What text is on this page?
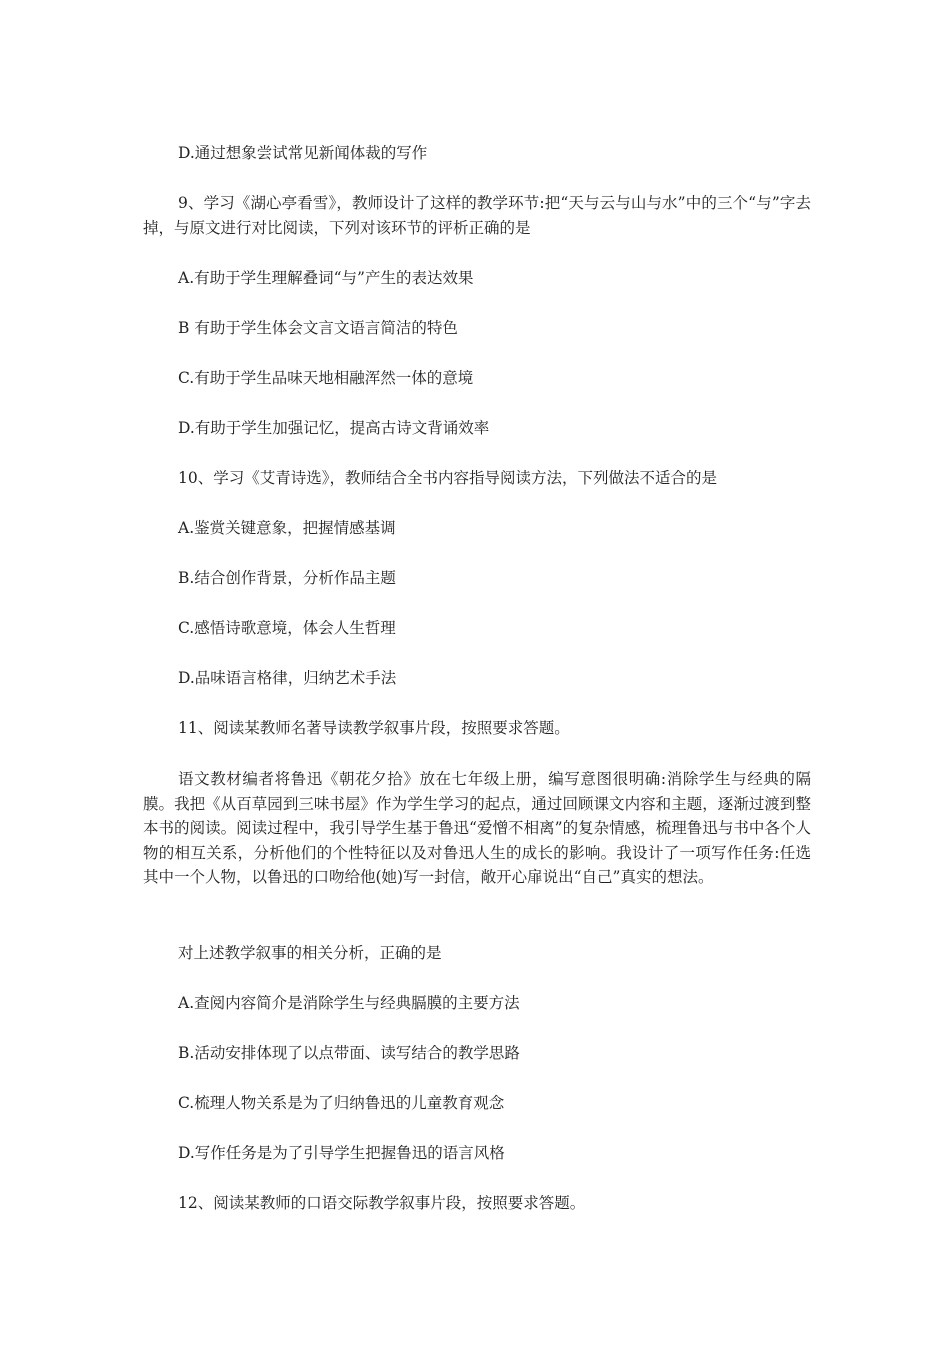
D.通过想象尝试常见新闻体裁的写作
9、学习《湖心亭看雪》，教师设计了这样的教学环节:把“天与云与山与水”中的三个“与”字去掉，与原文进行对比阅读，下列对该环节的评析正确的是
A.有助于学生理解叠词“与”产生的表达效果
B 有助于学生体会文言文语言简洁的特色
C.有助于学生品味天地相融浑然一体的意境
D.有助于学生加强记忆，提高古诗文背诵效率
10、学习《艾青诗选》，教师结合全书内容指导阅读方法，下列做法不适合的是
A.鉴赏关键意象，把握情感基调
B.结合创作背景，分析作品主题
C.感悟诗歌意境，体会人生哲理
D.品味语言格律，归纳艺术手法
11、阅读某教师名著导读教学叙事片段，按照要求答题。
语文教材编者将鲁迅《朝花夕拾》放在七年级上册，编写意图很明确:消除学生与经典的隔膜。我把《从百草园到三味书屋》作为学生学习的起点，通过回顾课文内容和主题，逐渐过渡到整本书的阅读。阅读过程中，我引导学生基于鲁迅“爱憎不相离”的复杂情感，梳理鲁迅与书中各个人物的相互关系，分析他们的个性特征以及对鲁迅人生的成长的影响。我设计了一项写作任务:任选其中一个人物，以鲁迅的口吻给他(她)写一封信，敞开心扉说出“自己”真实的想法。
对上述教学叙事的相关分析，正确的是
A.查阅内容简介是消除学生与经典膈膜的主要方法
B.活动安排体现了以点带面、读写结合的教学思路
C.梳理人物关系是为了归纳鲁迅的儿童教育观念
D.写作任务是为了引导学生把握鲁迅的语言风格
12、阅读某教师的口语交际教学叙事片段，按照要求答题。
